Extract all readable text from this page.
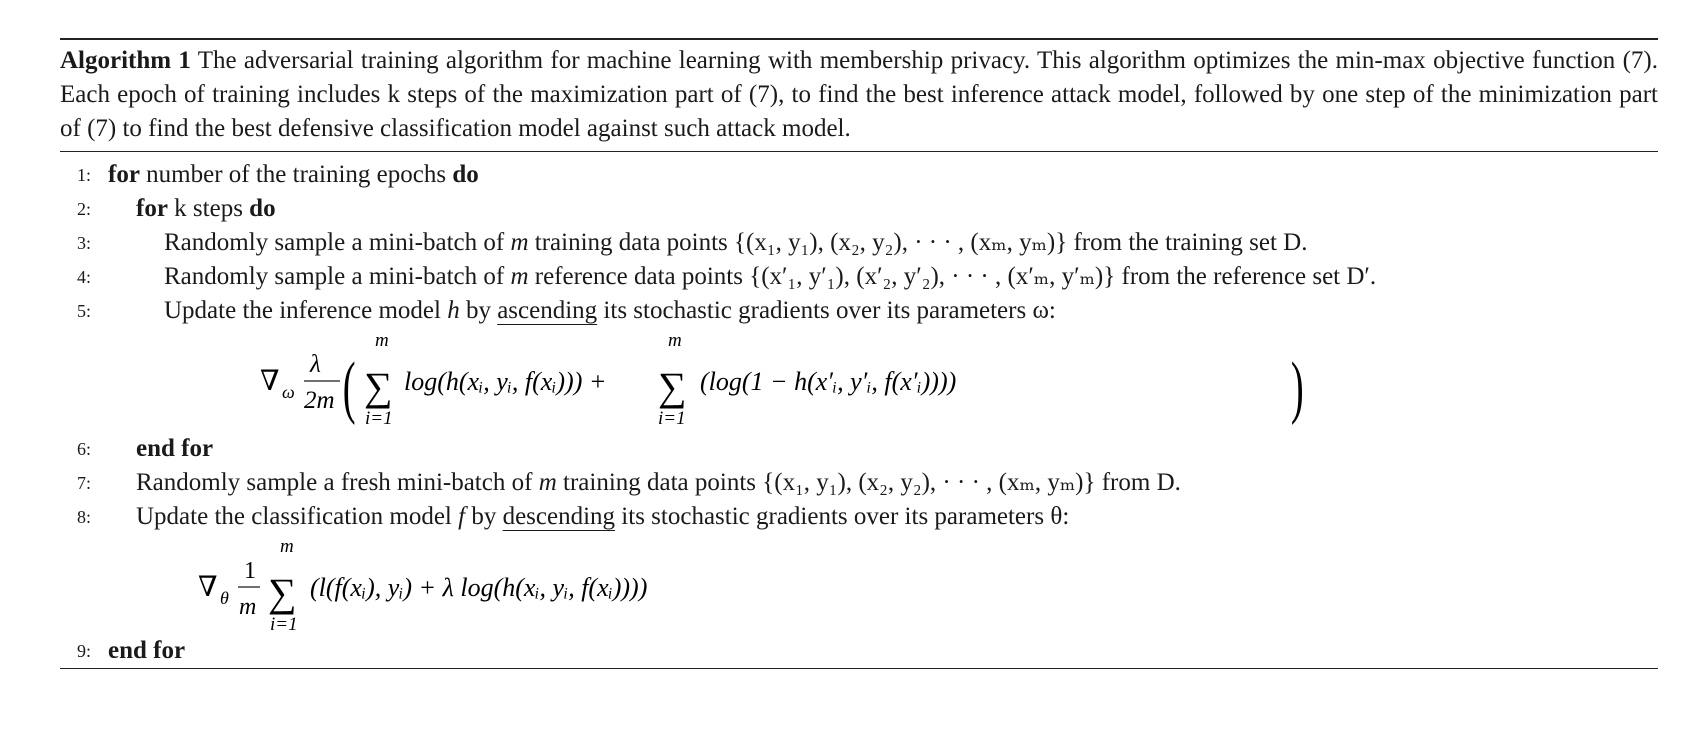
Algorithm 1 The adversarial training algorithm for machine learning with membership privacy. This algorithm optimizes the min-max objective function (7). Each epoch of training includes k steps of the maximization part of (7), to find the best inference attack model, followed by one step of the minimization part of (7) to find the best defensive classification model against such attack model.
1: for number of the training epochs do
2:	for k steps do
3:	Randomly sample a mini-batch of m training data points {(x₁, y₁), (x₂, y₂), · · · , (xₘ, yₘ)} from the training set D.
4:	Randomly sample a mini-batch of m reference data points {(x′₁, y′₁), (x′₂, y′₂), · · · , (x′ₘ, y′ₘ)} from the reference set D′.
5:	Update the inference model h by ascending its stochastic gradients over its parameters ω:
∇ ω
λ
2m (
m
∑
i=1
log(h(xᵢ, yᵢ, f(xᵢ))) +
m
∑
i=1
(log(1 − h(x′ᵢ, y′ᵢ, f(x′ᵢ))))	)
6:	end for
7:	Randomly sample a fresh mini-batch of m training data points {(x₁, y₁), (x₂, y₂), · · · , (xₘ, yₘ)} from D.
8:	Update the classification model f by descending its stochastic gradients over its parameters θ:
∇ θ
1
m
m
∑
i=1
(l(f(xᵢ), yᵢ) + λ log(h(xᵢ, yᵢ, f(xᵢ))))
9: end for
